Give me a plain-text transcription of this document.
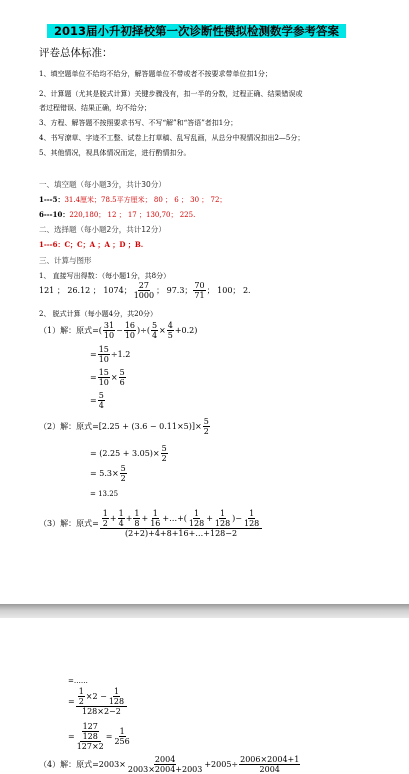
2013届小升初择校第一次诊断性模拟检测数学参考答案
评卷总体标准：
1、填空题单位不给均不给分，解答题单位不带或者不按要求带单位扣1分；
2、计算题（尤其是脱式计算）关键步骤没有，扣一半的分数，过程正确、结果错误或
者过程错误、结果正确，均不给分；
3、方程、解答题不按照要求书写、不写“解”和“答语”者扣1分；
4、书写潦草、字迹不工整、试卷上打草稿、乱写乱画，从总分中视情况扣出2—5分；
5、其他情况，视具体情况而定，进行酌情扣分。
一、填空题（每小题3分，共计30分）
1---5：31.4厘米；78.5平方厘米； 80 ； 6 ； 30 ； 72；
6---10：220,180； 12 ； 17 ；130,70； 225.
二、选择题（每小题2分，共计12分）
1---6：C；C；A ；A ；D ；B.
三、计算与图形
1、 直接写出得数：（每小题1分，共8分）
121 ； 26.12 ； 1074； $\frac{27}{1000}$ ； 97.3； $\frac{70}{71}$ ； 100； 2.
2、 脱式计算（每小题4分，共20分）
（1）解：原式= ( $\frac{31}{10} - \frac{16}{10}$ )÷( $\frac{5}{4} \times \frac{4}{5} +0.2$)
= $\frac{15}{10} \div 1.2$
= $\frac{15}{10} \times \frac{5}{6}$
= $\frac{5}{4}$
（2）解：原式= $[2.25 + (3.6 - 0.11\times 5)]\times \frac{5}{2}$
= $(2.25 + 3.05)\times \frac{5}{2}$
= $5.3\times \frac{5}{2}$
= 13.25
（3）解：原式= $\frac{1}{2} + \frac{1}{4} + \frac{1}{8} + \frac{1}{16}$ + …+( $\frac{1}{128} + \frac{1}{128}$ )− $\frac{1}{128}$
(2+2)+4+8+16+…+128−2
=……
= $\frac{\frac{1}{2} \times 2 - \frac{1}{128}}{128\times 2-2}$
= $\frac{\frac{127}{128}}{127\times 2} = \frac{1}{256}$
（4）解：原式= $2003\times \frac{2004}{2003\times 2004+2003} +2005\div \frac{2006\times 2004+1}{2004}$
